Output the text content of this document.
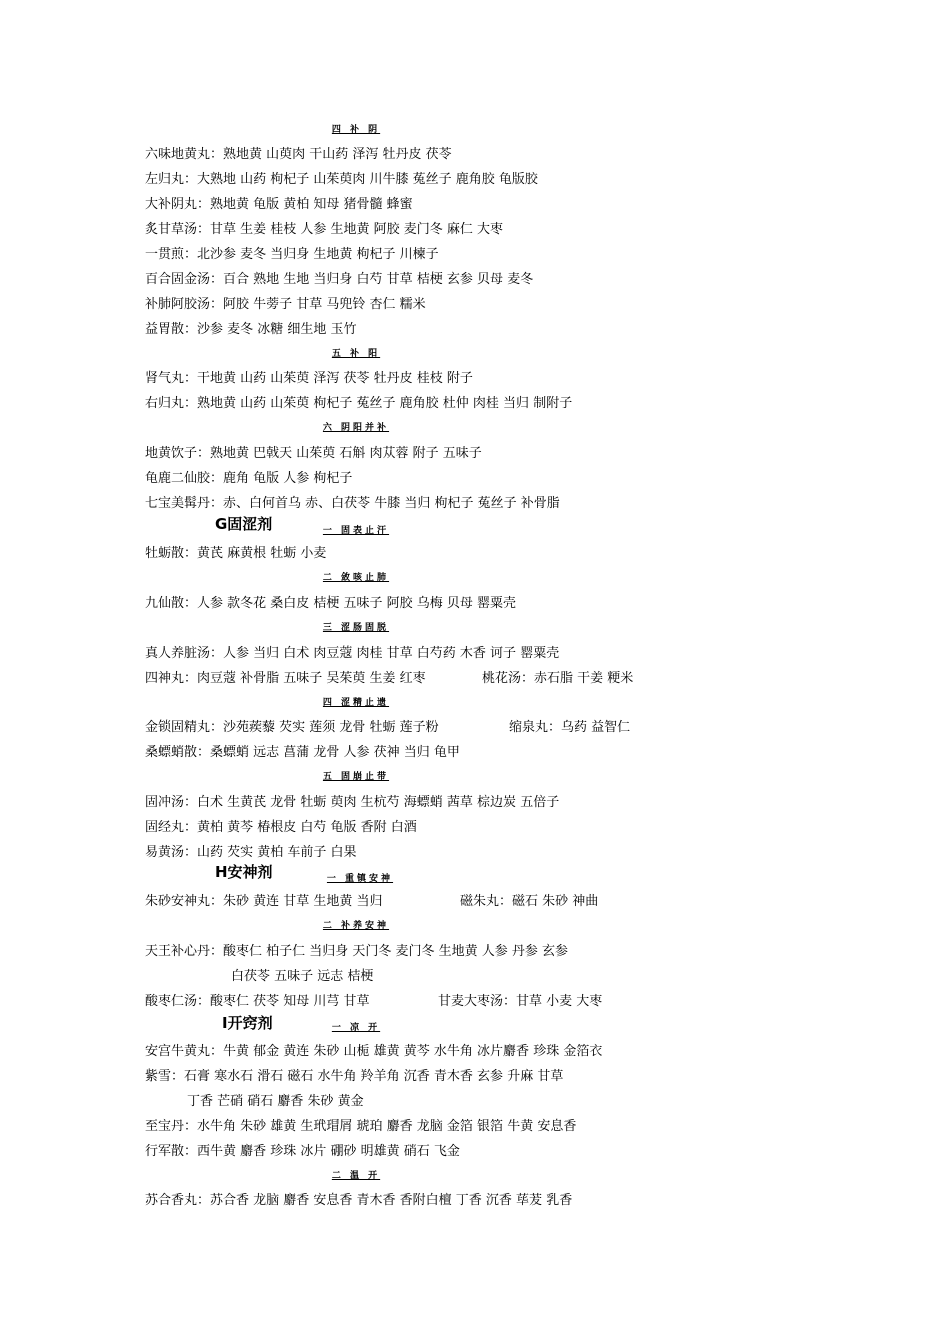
四 补 阴
六味地黄丸：熟地黄 山萸肉 干山药 泽泻 牡丹皮 茯苓
左归丸：大熟地 山药 枸杞子 山茱萸肉 川牛膝 菟丝子 鹿角胶 龟版胶
大补阴丸：熟地黄 龟版 黄柏 知母 猪骨髓 蜂蜜
炙甘草汤：甘草 生姜 桂枝 人参 生地黄 阿胶 麦门冬 麻仁 大枣
一贯煎：北沙参 麦冬 当归身 生地黄 枸杞子 川楝子
百合固金汤：百合 熟地 生地 当归身 白芍 甘草 桔梗 玄参 贝母 麦冬
补肺阿胶汤：阿胶 牛蒡子 甘草 马兜铃 杏仁 糯米
益胃散：沙参 麦冬 冰糖 细生地 玉竹
五 补 阳
肾气丸：干地黄 山药 山茱萸 泽泻 茯苓 牡丹皮 桂枝 附子
右归丸：熟地黄 山药 山茱萸 枸杞子 菟丝子 鹿角胶 杜仲 肉桂 当归 制附子
六 阴阳并补
地黄饮子：熟地黄 巴戟天 山茱萸 石斛 肉苁蓉 附子 五味子
龟鹿二仙胶：鹿角 龟版 人参 枸杞子
七宝美髯丹：赤、白何首乌 赤、白茯苓 牛膝 当归 枸杞子 菟丝子 补骨脂
G固涩剂	一 固表止汗
牡蛎散：黄芪 麻黄根 牡蛎 小麦
二 敛咳止肺
九仙散：人参 款冬花 桑白皮 桔梗 五味子 阿胶 乌梅 贝母 罂粟壳
三 涩肠固脱
真人养脏汤：人参 当归 白术 肉豆蔻 肉桂 甘草 白芍药 木香 诃子 罂粟壳
四神丸：肉豆蔻 补骨脂 五味子 吴茱萸 生姜 红枣	桃花汤：赤石脂 干姜 粳米
四 涩精止遗
金锁固精丸：沙苑蒺藜 芡实 莲须 龙骨 牡蛎 莲子粉	缩泉丸：乌药 益智仁
桑螵蛸散：桑螵蛸 远志 菖蒲 龙骨 人参 茯神 当归 龟甲
五 固崩止带
固冲汤：白术 生黄芪 龙骨 牡蛎 萸肉 生杭芍 海螵蛸 茜草 棕边炭 五倍子
固经丸：黄柏 黄芩 椿根皮 白芍 龟版 香附 白酒
易黄汤：山药 芡实 黄柏 车前子 白果
H安神剂	一 重镇安神
朱砂安神丸：朱砂 黄连 甘草 生地黄 当归	磁朱丸：磁石 朱砂 神曲
二 补养安神
天王补心丹：酸枣仁 柏子仁 当归身 天门冬 麦门冬 生地黄 人参 丹参 玄参
白茯苓 五味子 远志 桔梗
酸枣仁汤：酸枣仁 茯苓 知母 川芎 甘草	甘麦大枣汤：甘草 小麦 大枣
I开窍剂	一 凉 开
安宫牛黄丸：牛黄 郁金 黄连 朱砂 山栀 雄黄 黄芩 水牛角 冰片麝香 珍珠 金箔衣
紫雪：石膏 寒水石 滑石 磁石 水牛角 羚羊角 沉香 青木香 玄参 升麻 甘草
丁香 芒硝 硝石 麝香 朱砂 黄金
至宝丹：水牛角 朱砂 雄黄 生玳瑁屑 琥珀 麝香 龙脑 金箔 银箔 牛黄 安息香
行军散：西牛黄 麝香 珍珠 冰片 硼砂 明雄黄 硝石 飞金
二 温 开
苏合香丸：苏合香 龙脑 麝香 安息香 青木香 香附白檀 丁香 沉香 荜茇 乳香
